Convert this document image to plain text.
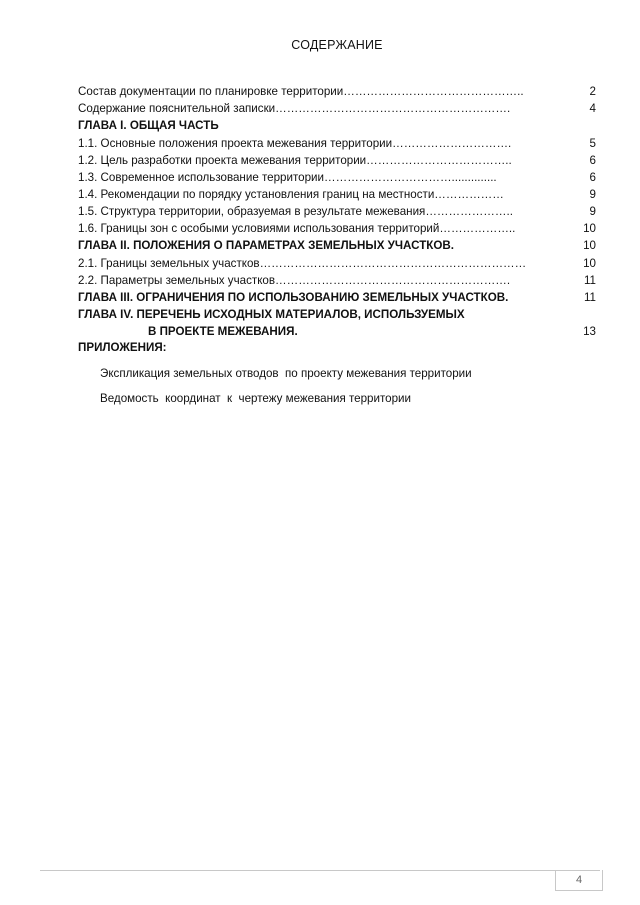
СОДЕРЖАНИЕ
Состав документации по планировке территории………………………………………..	2
Содержание пояснительной записки…………………………………………………….	4
ГЛАВА I. ОБЩАЯ ЧАСТЬ
1.1. Основные положения проекта межевания территории………………………….	5
1.2. Цель разработки проекта межевания территории………………………………..	6
1.3. Современное использование территории……………………………..............	6
1.4. Рекомендации по порядку установления границ на местности………………	9
1.5. Структура территории, образуемая в результате межевания…………………..	9
1.6. Границы зон с особыми условиями использования территорий………………..	10
ГЛАВА II. ПОЛОЖЕНИЯ О ПАРАМЕТРАХ ЗЕМЕЛЬНЫХ УЧАСТКОВ.	10
2.1. Границы земельных участков……………………………………………………………	10
2.2. Параметры земельных участков…………………………………………………….	11
ГЛАВА III. ОГРАНИЧЕНИЯ ПО ИСПОЛЬЗОВАНИЮ ЗЕМЕЛЬНЫХ УЧАСТКОВ.	11
ГЛАВА IV. ПЕРЕЧЕНЬ ИСХОДНЫХ МАТЕРИАЛОВ, ИСПОЛЬЗУЕМЫХ
В ПРОЕКТЕ МЕЖЕВАНИЯ.	13
ПРИЛОЖЕНИЯ:
Экспликация земельных отводов  по проекту межевания территории
Ведомость  координат  к  чертежу межевания территории
4
